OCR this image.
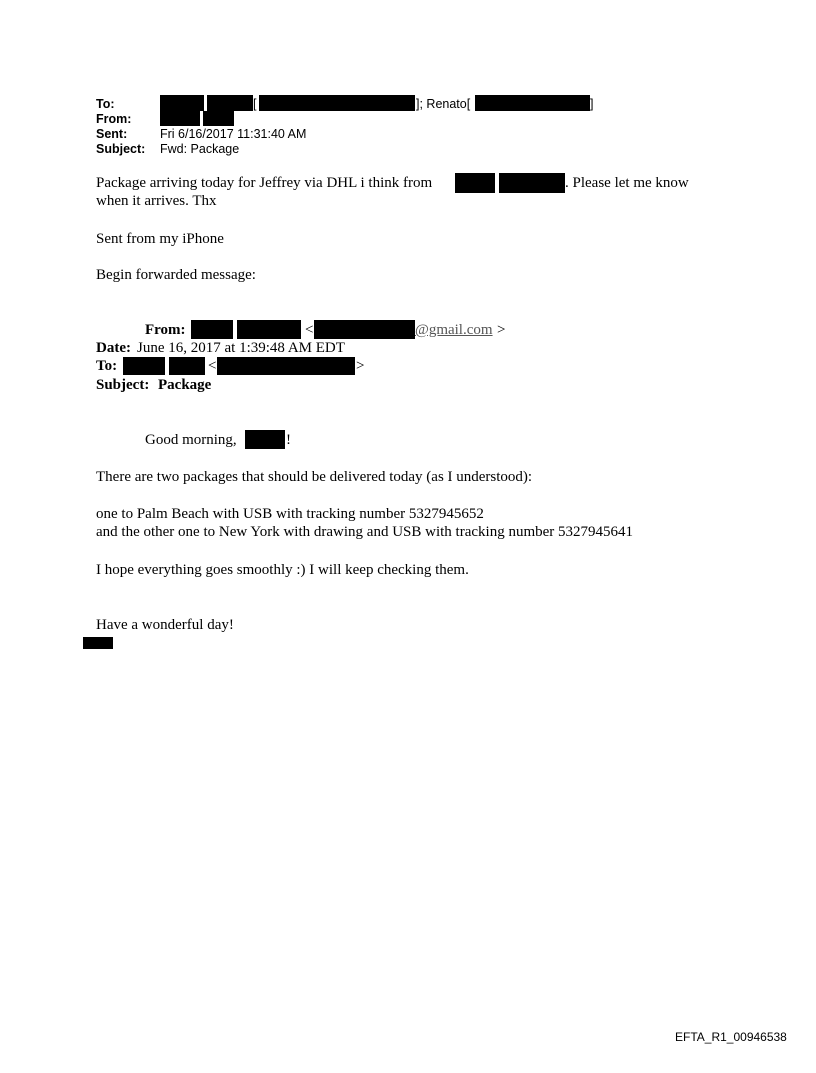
To:	[	]; Renato[	]
From:
Sent:	Fri 6/16/2017 11:31:40 AM
Subject: Fwd: Package
Package arriving today for Jeffrey via DHL i think from	. Please let me know
when it arrives. Thx
Sent from my iPhone
Begin forwarded message:
From:	<	@gmail.com >
Date: June 16, 2017 at 1:39:48 AM EDT
To:	<	>
Subject: Package
Good morning,	!
There are two packages that should be delivered today (as I understood):
one to Palm Beach with USB with tracking number 5327945652
and the other one to New York with drawing and USB with tracking number 5327945641
I hope everything goes smoothly :) I will keep checking them.
Have a wonderful day!
EFTA_R1_00946538
